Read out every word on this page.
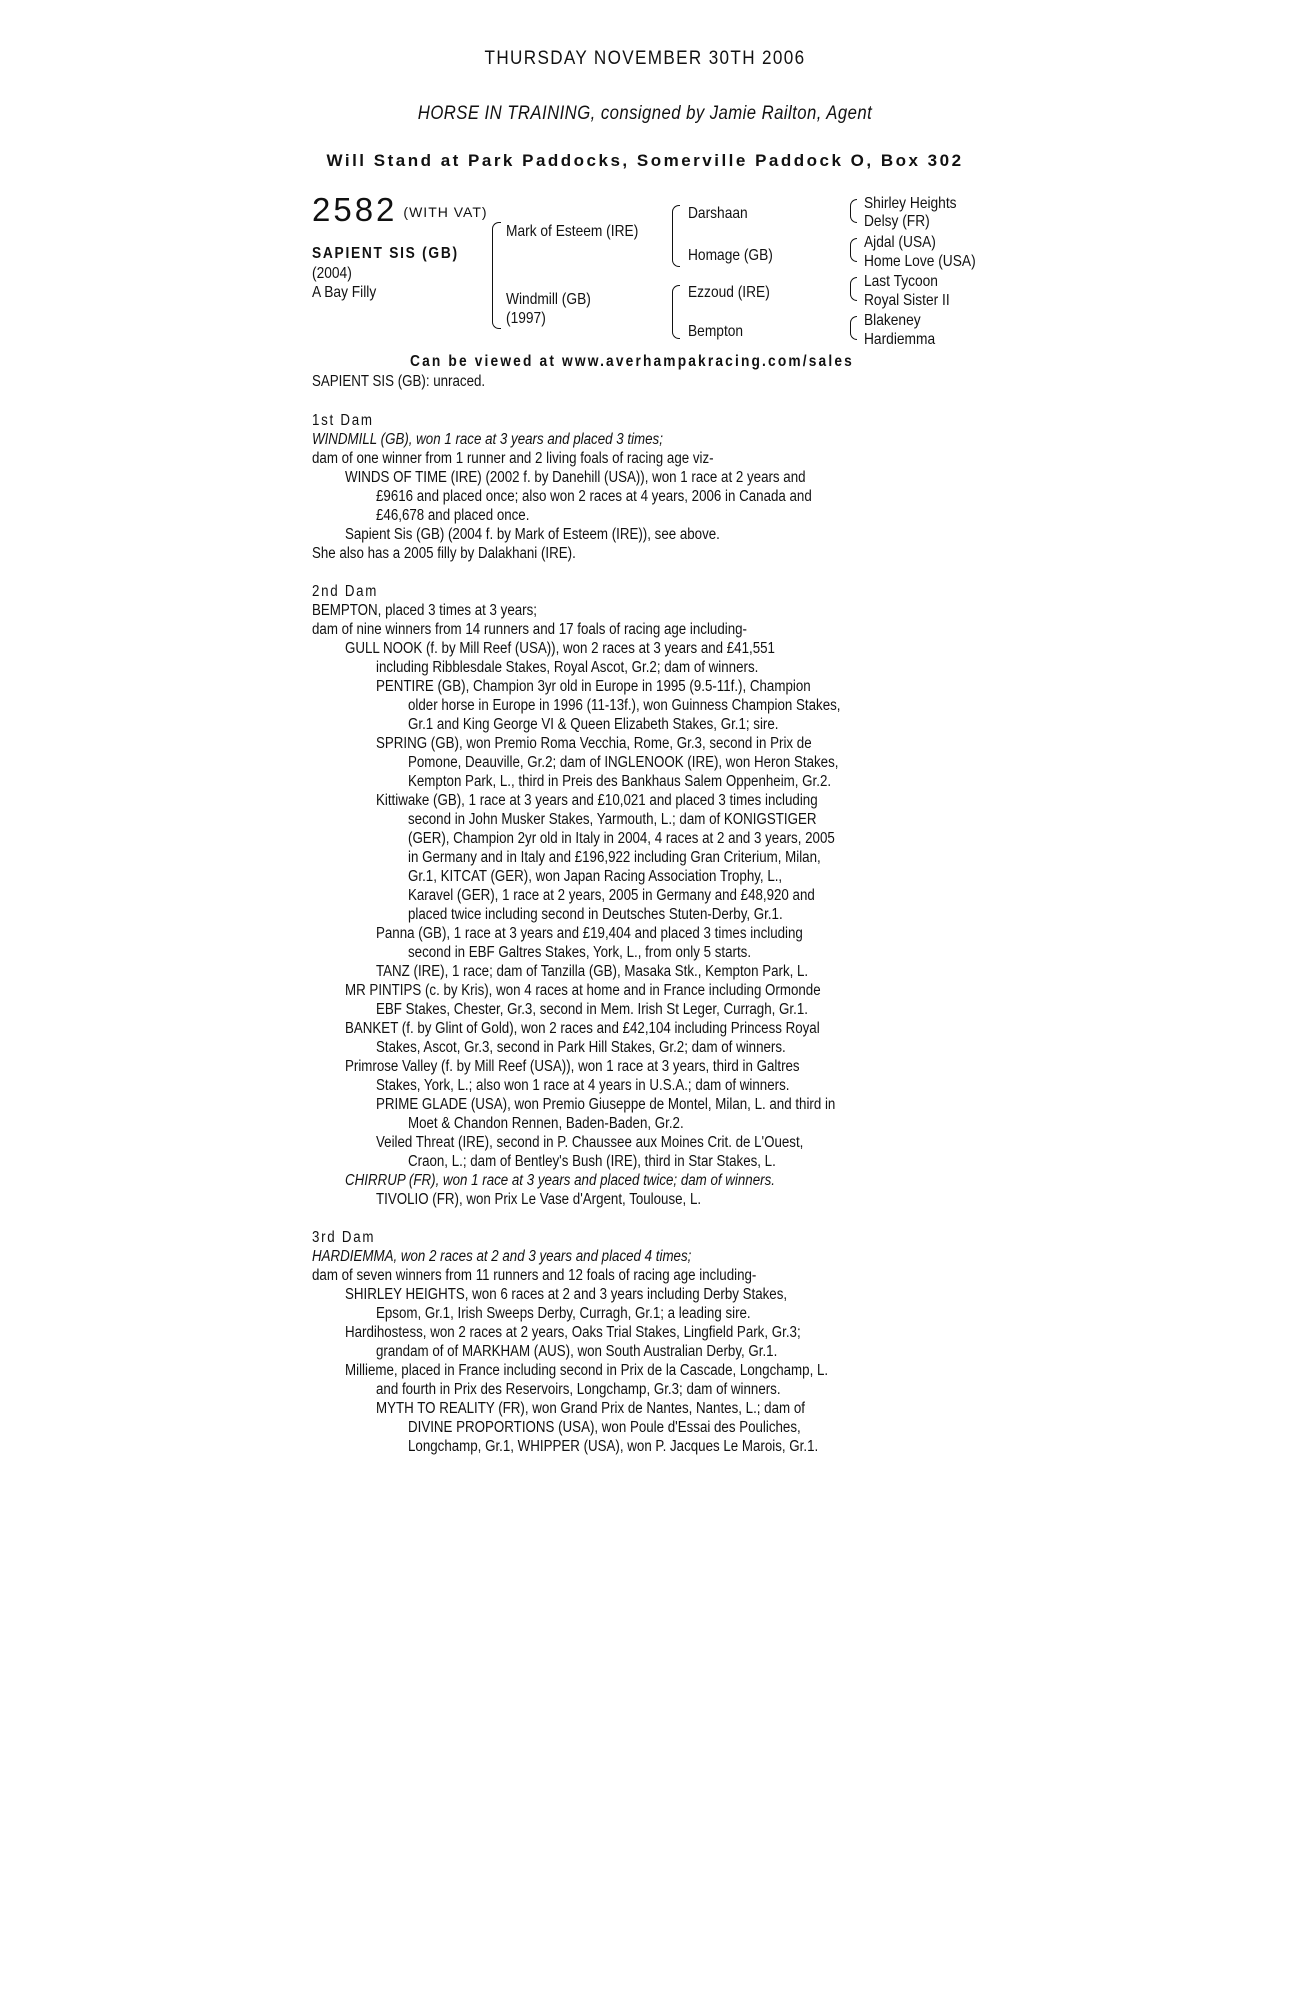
THURSDAY NOVEMBER 30TH 2006
HORSE IN TRAINING, consigned by Jamie Railton, Agent
Will Stand at Park Paddocks, Somerville Paddock O, Box 302
2582 (WITH VAT)
SAPIENT SIS (GB)
(2004)
A Bay Filly
Mark of Esteem (IRE)
Windmill (GB)
(1997)
Darshaan
Homage (GB)
Ezzoud (IRE)
Bempton
Shirley Heights
Delsy (FR)
Ajdal (USA)
Home Love (USA)
Last Tycoon
Royal Sister II
Blakeney
Hardiemma
Can be viewed at www.averhampakracing.com/sales
SAPIENT SIS (GB): unraced.
1st Dam
WINDMILL (GB), won 1 race at 3 years and placed 3 times;
dam of one winner from 1 runner and 2 living foals of racing age viz-
WINDS OF TIME (IRE) (2002 f. by Danehill (USA)), won 1 race at 2 years and
£9616 and placed once; also won 2 races at 4 years, 2006 in Canada and
£46,678 and placed once.
Sapient Sis (GB) (2004 f. by Mark of Esteem (IRE)), see above.
She also has a 2005 filly by Dalakhani (IRE).
2nd Dam
BEMPTON, placed 3 times at 3 years;
dam of nine winners from 14 runners and 17 foals of racing age including-
GULL NOOK (f. by Mill Reef (USA)), won 2 races at 3 years and £41,551
including Ribblesdale Stakes, Royal Ascot, Gr.2; dam of winners.
PENTIRE (GB), Champion 3yr old in Europe in 1995 (9.5-11f.), Champion
older horse in Europe in 1996 (11-13f.), won Guinness Champion Stakes,
Gr.1 and King George VI & Queen Elizabeth Stakes, Gr.1; sire.
SPRING (GB), won Premio Roma Vecchia, Rome, Gr.3, second in Prix de
Pomone, Deauville, Gr.2; dam of INGLENOOK (IRE), won Heron Stakes,
Kempton Park, L., third in Preis des Bankhaus Salem Oppenheim, Gr.2.
Kittiwake (GB), 1 race at 3 years and £10,021 and placed 3 times including
second in John Musker Stakes, Yarmouth, L.; dam of KONIGSTIGER
(GER), Champion 2yr old in Italy in 2004, 4 races at 2 and 3 years, 2005
in Germany and in Italy and £196,922 including Gran Criterium, Milan,
Gr.1, KITCAT (GER), won Japan Racing Association Trophy, L.,
Karavel (GER), 1 race at 2 years, 2005 in Germany and £48,920 and
placed twice including second in Deutsches Stuten-Derby, Gr.1.
Panna (GB), 1 race at 3 years and £19,404 and placed 3 times including
second in EBF Galtres Stakes, York, L., from only 5 starts.
TANZ (IRE), 1 race; dam of Tanzilla (GB), Masaka Stk., Kempton Park, L.
MR PINTIPS (c. by Kris), won 4 races at home and in France including Ormonde
EBF Stakes, Chester, Gr.3, second in Mem. Irish St Leger, Curragh, Gr.1.
BANKET (f. by Glint of Gold), won 2 races and £42,104 including Princess Royal
Stakes, Ascot, Gr.3, second in Park Hill Stakes, Gr.2; dam of winners.
Primrose Valley (f. by Mill Reef (USA)), won 1 race at 3 years, third in Galtres
Stakes, York, L.; also won 1 race at 4 years in U.S.A.; dam of winners.
PRIME GLADE (USA), won Premio Giuseppe de Montel, Milan, L. and third in
Moet & Chandon Rennen, Baden-Baden, Gr.2.
Veiled Threat (IRE), second in P. Chaussee aux Moines Crit. de L'Ouest,
Craon, L.; dam of Bentley's Bush (IRE), third in Star Stakes, L.
CHIRRUP (FR), won 1 race at 3 years and placed twice; dam of winners.
TIVOLIO (FR), won Prix Le Vase d'Argent, Toulouse, L.
3rd Dam
HARDIEMMA, won 2 races at 2 and 3 years and placed 4 times;
dam of seven winners from 11 runners and 12 foals of racing age including-
SHIRLEY HEIGHTS, won 6 races at 2 and 3 years including Derby Stakes,
Epsom, Gr.1, Irish Sweeps Derby, Curragh, Gr.1; a leading sire.
Hardihostess, won 2 races at 2 years, Oaks Trial Stakes, Lingfield Park, Gr.3;
grandam of of MARKHAM (AUS), won South Australian Derby, Gr.1.
Milliemе, placed in France including second in Prix de la Cascade, Longchamp, L.
and fourth in Prix des Reservoirs, Longchamp, Gr.3; dam of winners.
MYTH TO REALITY (FR), won Grand Prix de Nantes, Nantes, L.; dam of
DIVINE PROPORTIONS (USA), won Poule d'Essai des Pouliches,
Longchamp, Gr.1, WHIPPER (USA), won P. Jacques Le Marois, Gr.1.
